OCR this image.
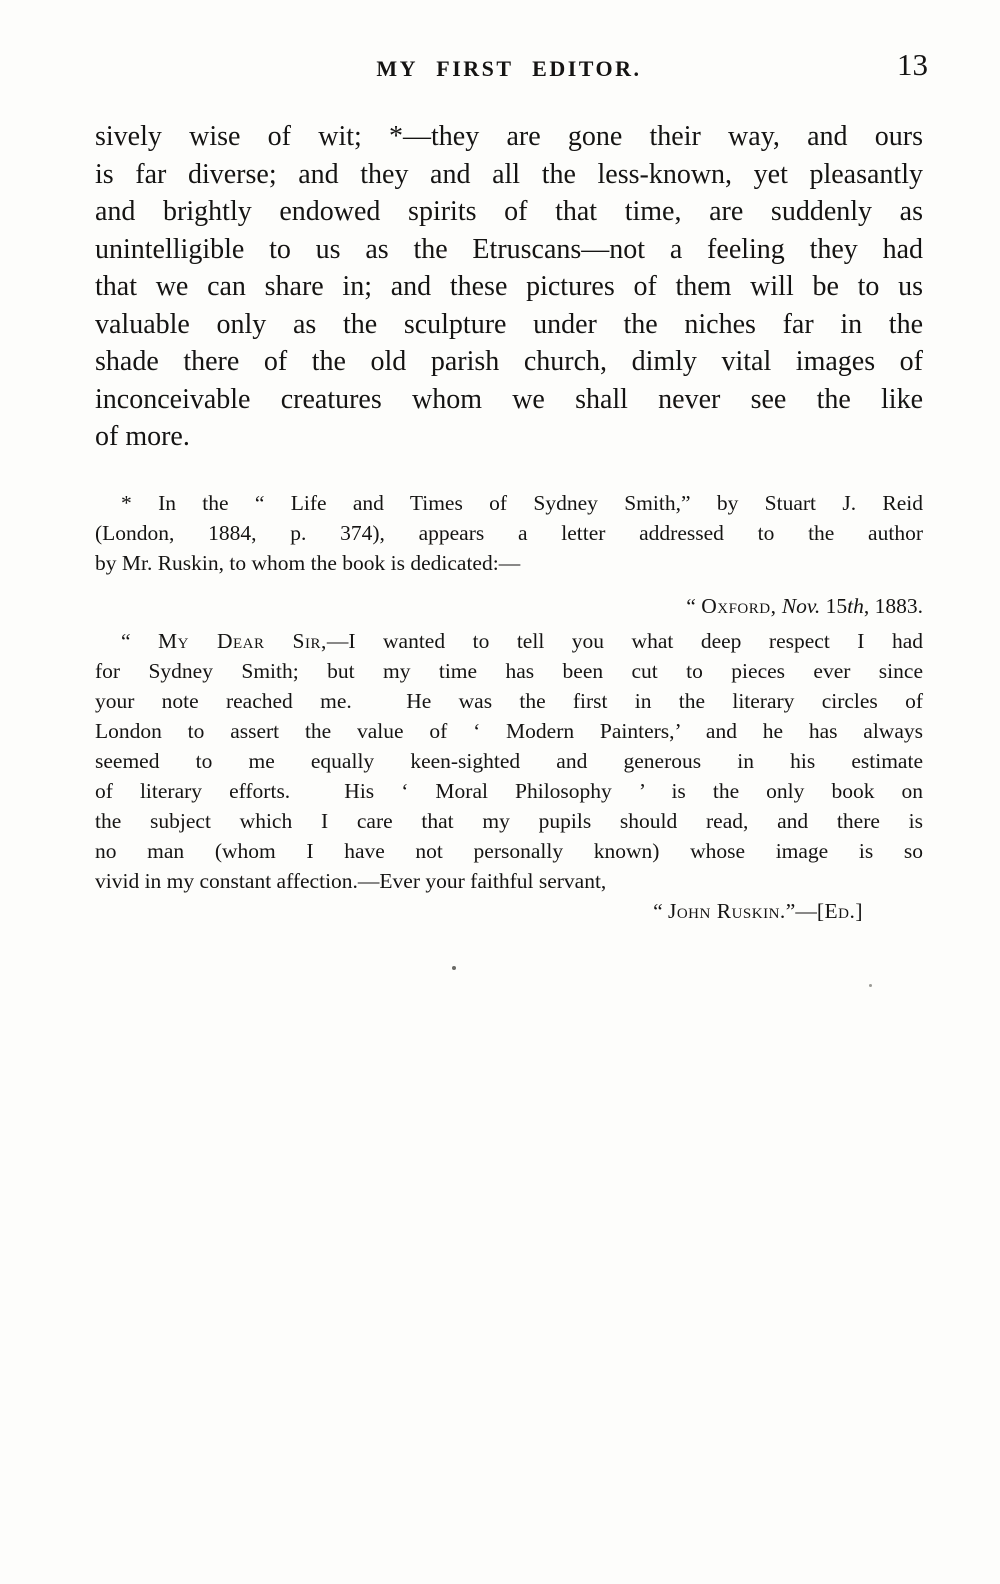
MY FIRST EDITOR.	13
sively wise of wit; *—they are gone their way, and ours
is far diverse; and they and all the less-known, yet pleasantly
and brightly endowed spirits of that time, are suddenly as
unintelligible to us as the Etruscans—not a feeling they had
that we can share in; and these pictures of them will be to us
valuable only as the sculpture under the niches far in the
shade there of the old parish church, dimly vital images of
inconceivable creatures whom we shall never see the like
of more.
* In the “ Life and Times of Sydney Smith,” by Stuart J. Reid
(London, 1884, p. 374), appears a letter addressed to the author
by Mr. Ruskin, to whom the book is dedicated:—
“ Oxford, Nov. 15th, 1883.
“ My Dear Sir,—I wanted to tell you what deep respect I had
for Sydney Smith; but my time has been cut to pieces ever since
your note reached me.  He was the first in the literary circles of
London to assert the value of ‘ Modern Painters,’ and he has always
seemed to me equally keen-sighted and generous in his estimate
of literary efforts.  His ‘ Moral Philosophy ’ is the only book on
the subject which I care that my pupils should read, and there is
no man (whom I have not personally known) whose image is so
vivid in my constant affection.—Ever your faithful servant,
“ John Ruskin.”—[Ed.]
